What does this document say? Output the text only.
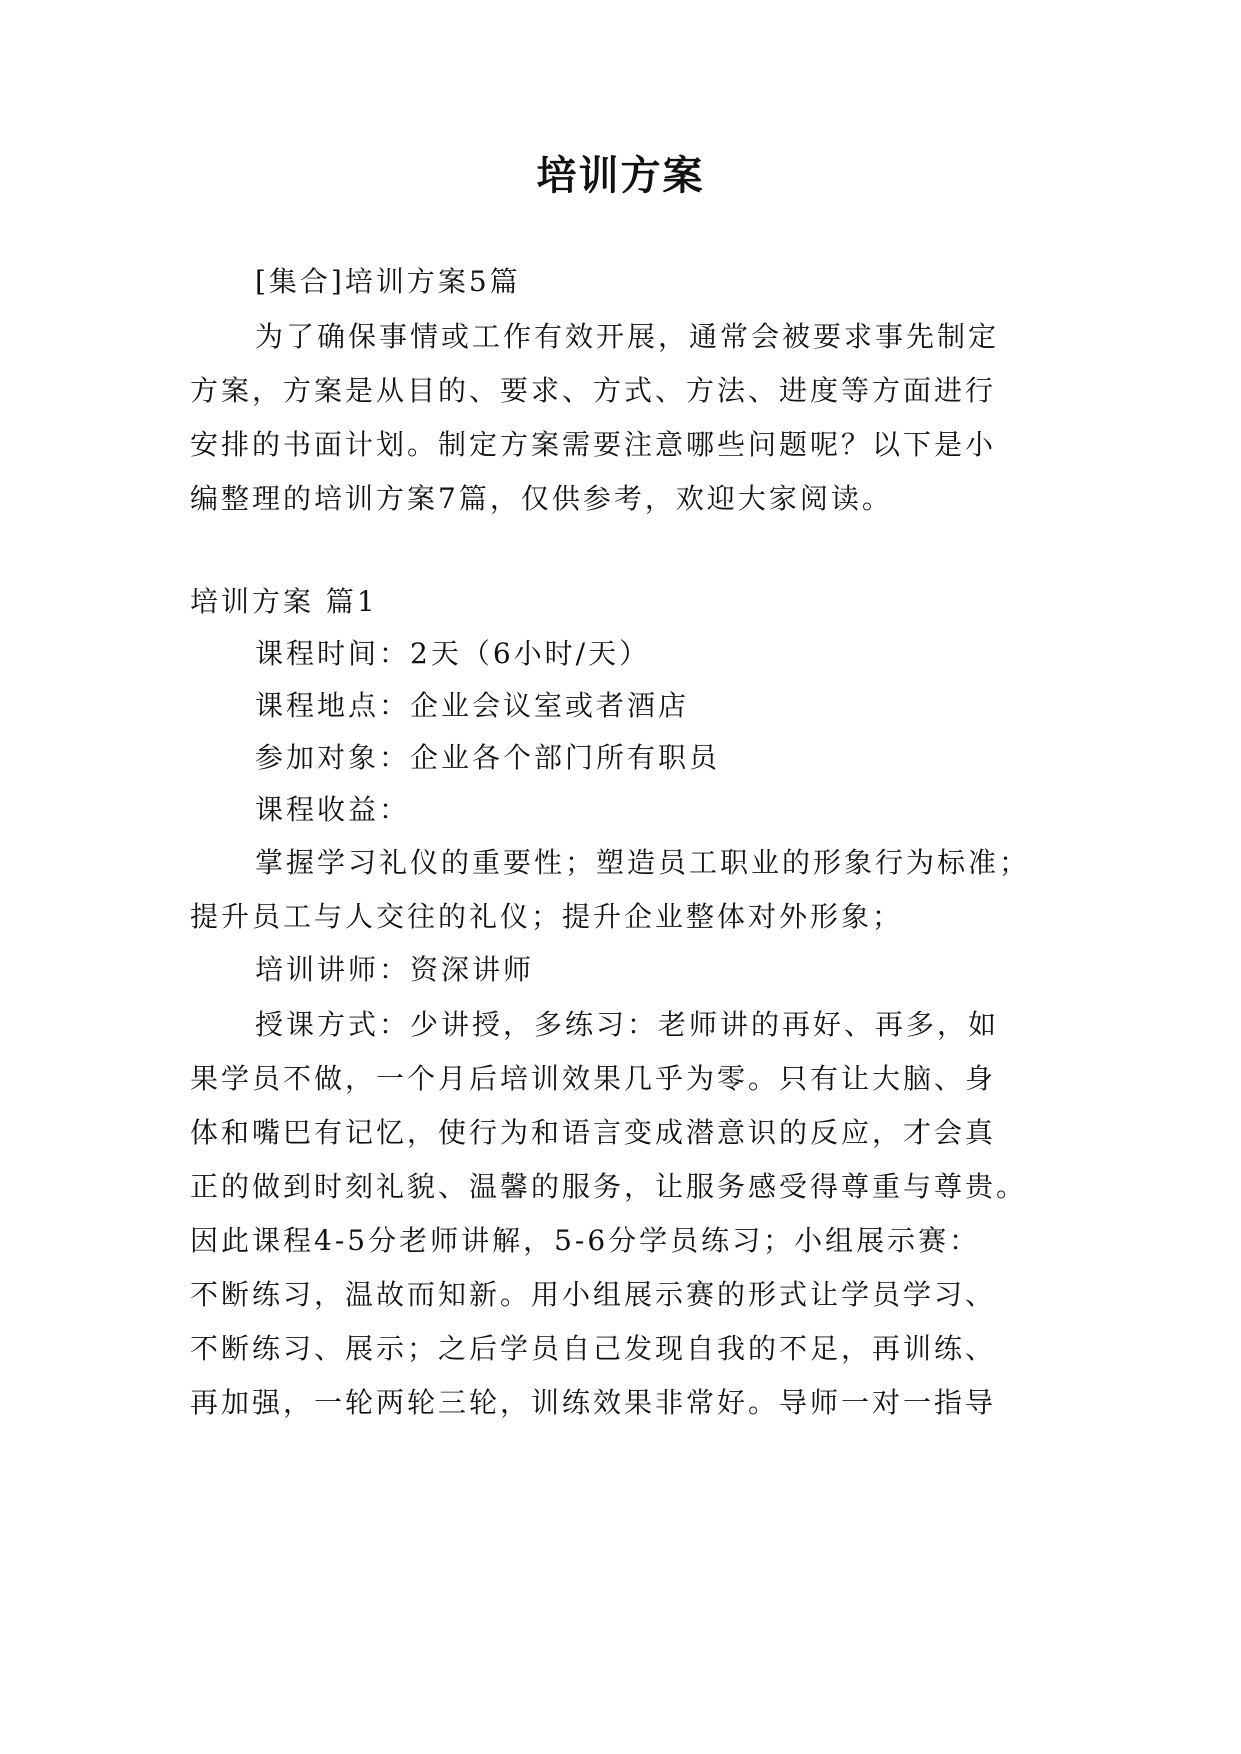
培训方案
[集合]培训方案5篇
为了确保事情或工作有效开展，通常会被要求事先制定
方案，方案是从目的、要求、方式、方法、进度等方面进行
安排的书面计划。制定方案需要注意哪些问题呢？以下是小
编整理的培训方案7篇，仅供参考，欢迎大家阅读。
培训方案 篇1
课程时间：2天（6小时/天）
课程地点：企业会议室或者酒店
参加对象：企业各个部门所有职员
课程收益：
掌握学习礼仪的重要性；塑造员工职业的形象行为标准；
提升员工与人交往的礼仪；提升企业整体对外形象；
培训讲师：资深讲师
授课方式：少讲授，多练习：老师讲的再好、再多，如
果学员不做，一个月后培训效果几乎为零。只有让大脑、身
体和嘴巴有记忆，使行为和语言变成潜意识的反应，才会真
正的做到时刻礼貌、温馨的服务，让服务感受得尊重与尊贵。
因此课程4-5分老师讲解，5-6分学员练习；小组展示赛：
不断练习，温故而知新。用小组展示赛的形式让学员学习、
不断练习、展示；之后学员自己发现自我的不足，再训练、
再加强，一轮两轮三轮，训练效果非常好。导师一对一指导
